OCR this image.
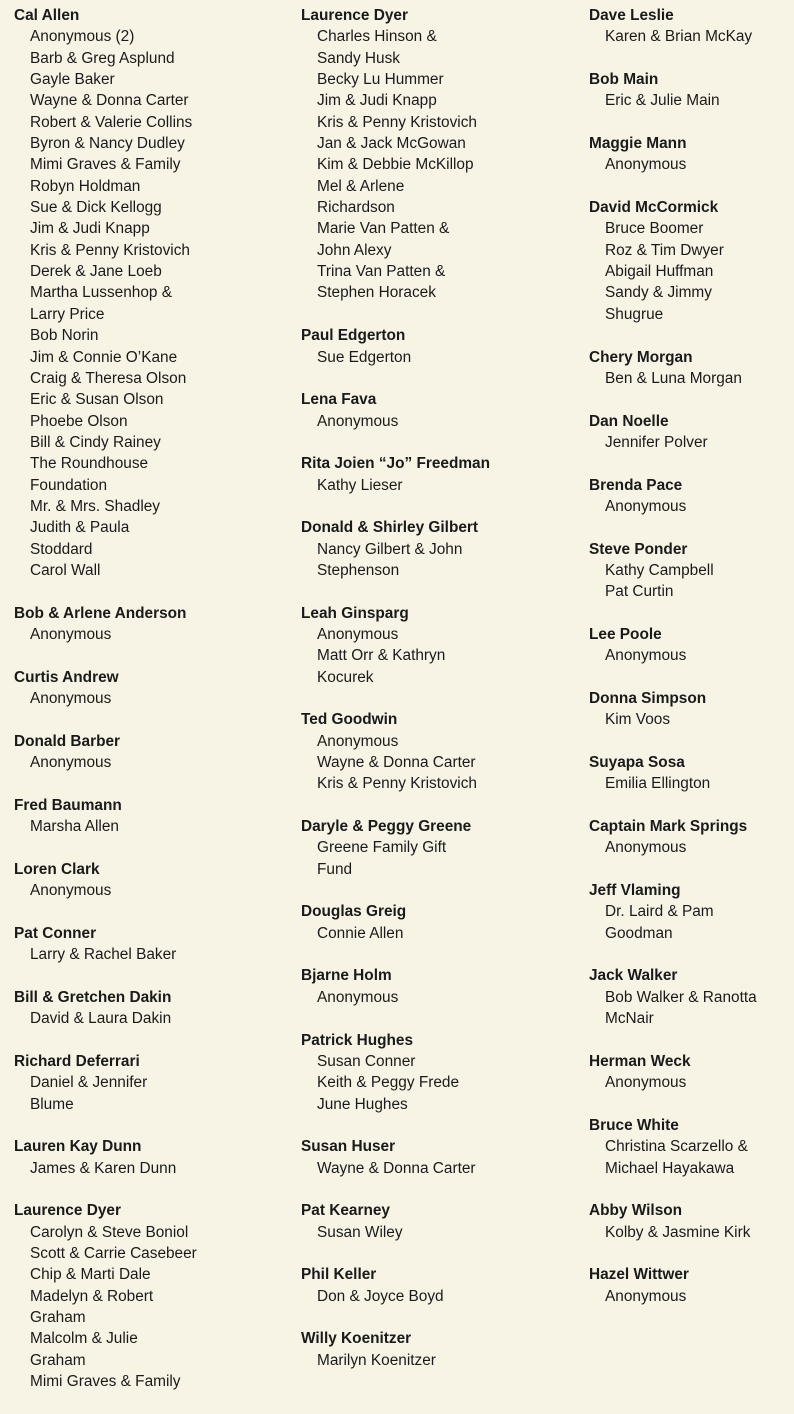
Cal Allen
Anonymous (2)
Barb & Greg Asplund
Gayle Baker
Wayne & Donna Carter
Robert & Valerie Collins
Byron & Nancy Dudley
Mimi Graves & Family
Robyn Holdman
Sue & Dick Kellogg
Jim & Judi Knapp
Kris & Penny Kristovich
Derek & Jane Loeb
Martha Lussenhop &
Larry Price
Bob Norin
Jim & Connie O’Kane
Craig & Theresa Olson
Eric & Susan Olson
Phoebe Olson
Bill & Cindy Rainey
The Roundhouse
Foundation
Mr. & Mrs. Shadley
Judith & Paula
Stoddard
Carol Wall
Bob & Arlene Anderson
Anonymous
Curtis Andrew
Anonymous
Donald Barber
Anonymous
Fred Baumann
Marsha Allen
Loren Clark
Anonymous
Pat Conner
Larry & Rachel Baker
Bill & Gretchen Dakin
David & Laura Dakin
Richard Deferrari
Daniel & Jennifer
Blume
Lauren Kay Dunn
James & Karen Dunn
Laurence Dyer
Carolyn & Steve Boniol
Scott & Carrie Casebeer
Chip & Marti Dale
Madelyn & Robert
Graham
Malcolm & Julie
Graham
Mimi Graves & Family
Laurence Dyer
Charles Hinson &
Sandy Husk
Becky Lu Hummer
Jim & Judi Knapp
Kris & Penny Kristovich
Jan & Jack McGowan
Kim & Debbie McKillop
Mel & Arlene
Richardson
Marie Van Patten &
John Alexy
Trina Van Patten &
Stephen Horacek
Paul Edgerton
Sue Edgerton
Lena Fava
Anonymous
Rita Joien “Jo” Freedman
Kathy Lieser
Donald & Shirley Gilbert
Nancy Gilbert & John
Stephenson
Leah Ginsparg
Anonymous
Matt Orr & Kathryn
Kocurek
Ted Goodwin
Anonymous
Wayne & Donna Carter
Kris & Penny Kristovich
Daryle & Peggy Greene
Greene Family Gift
Fund
Douglas Greig
Connie Allen
Bjarne Holm
Anonymous
Patrick Hughes
Susan Conner
Keith & Peggy Frede
June Hughes
Susan Huser
Wayne & Donna Carter
Pat Kearney
Susan Wiley
Phil Keller
Don & Joyce Boyd
Willy Koenitzer
Marilyn Koenitzer
Dave Leslie
Karen & Brian McKay
Bob Main
Eric & Julie Main
Maggie Mann
Anonymous
David McCormick
Bruce Boomer
Roz & Tim Dwyer
Abigail Huffman
Sandy & Jimmy
Shugrue
Chery Morgan
Ben & Luna Morgan
Dan Noelle
Jennifer Polver
Brenda Pace
Anonymous
Steve Ponder
Kathy Campbell
Pat Curtin
Lee Poole
Anonymous
Donna Simpson
Kim Voos
Suyapa Sosa
Emilia Ellington
Captain Mark Springs
Anonymous
Jeff Vlaming
Dr. Laird & Pam
Goodman
Jack Walker
Bob Walker & Ranotta
McNair
Herman Weck
Anonymous
Bruce White
Christina Scarzello &
Michael Hayakawa
Abby Wilson
Kolby & Jasmine Kirk
Hazel Wittwer
Anonymous
